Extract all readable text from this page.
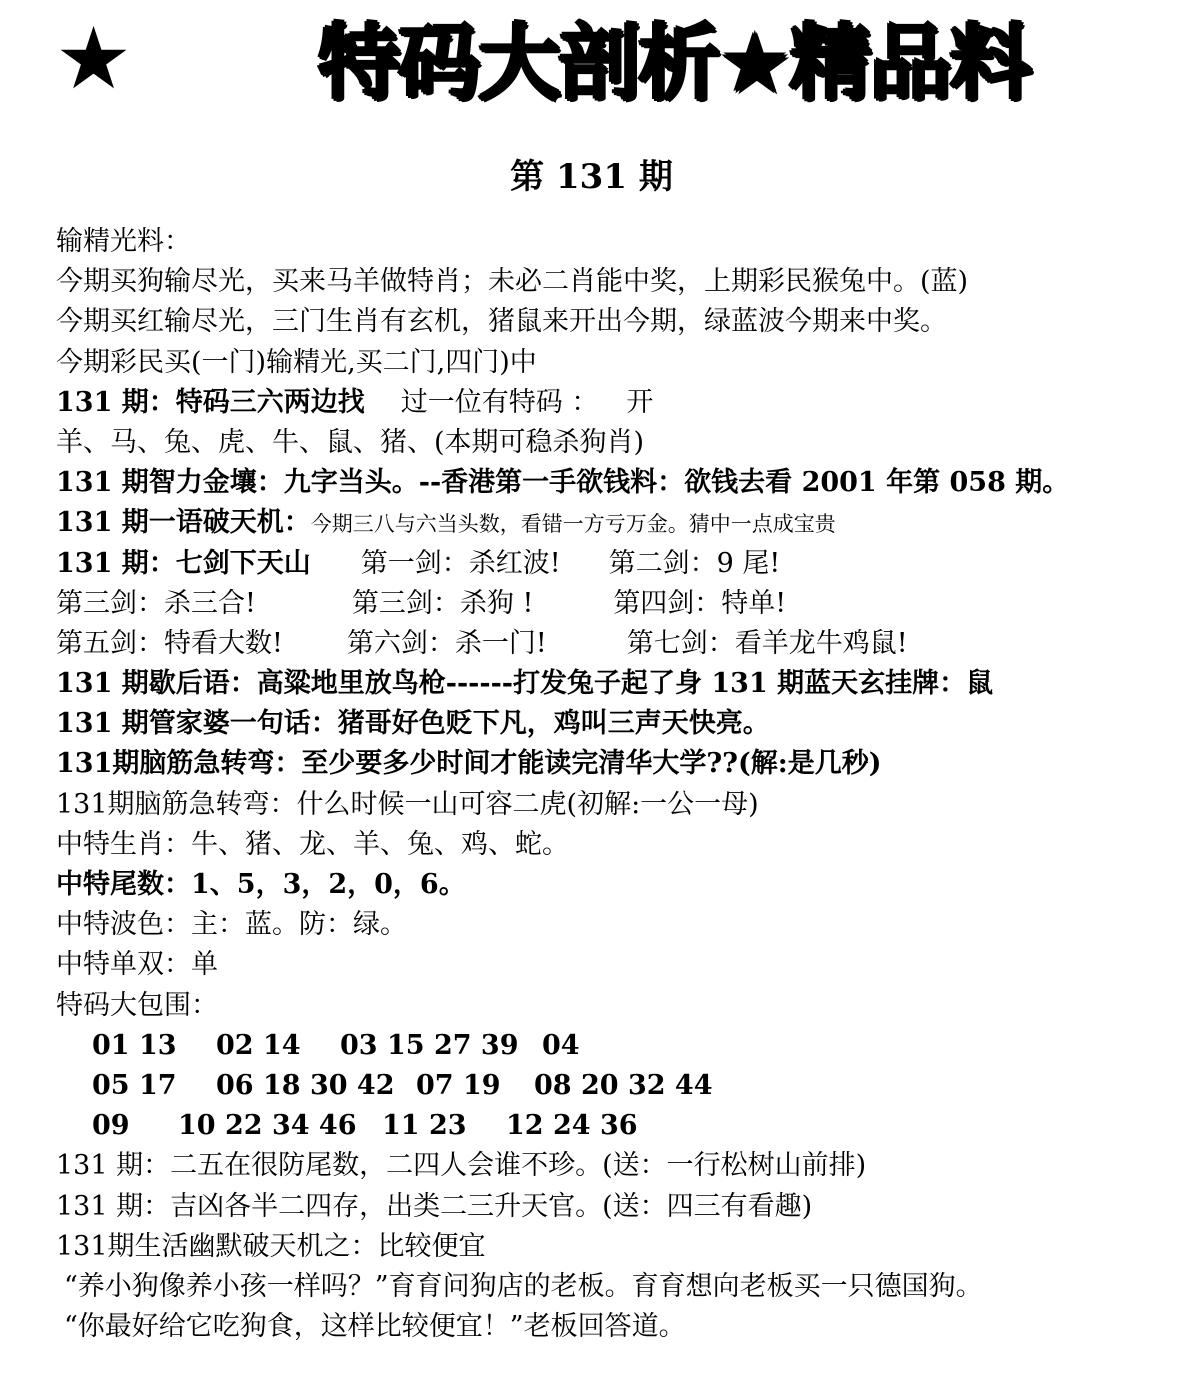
★ 特码大剖析★精品料
第 131 期
输精光料：
今期买狗输尽光，买来马羊做特肖；未必二肖能中奖，上期彩民猴兔中。(蓝)
今期买红输尽光，三门生肖有玄机，猪鼠来开出今期，绿蓝波今期来中奖。
今期彩民买(一门)输精光,买二门,四门)中
131 期：特码三六两边找 过一位有特码 ： 开
羊、马、兔、虎、牛、鼠、猪、(本期可稳杀狗肖)
131 期智力金壤：九字当头。--香港第一手欲钱料：欲钱去看 2001 年第 058 期。
131 期一语破天机：今期三八与六当头数，看错一方亏万金。猜中一点成宝贵
131 期：七剑下天山 第一剑：杀红波! 第二剑：9 尾!
第三剑：杀三合!	第三剑：杀狗 !	第四剑：特单!
第五剑：特看大数! 第六剑：杀一门!	第七剑：看羊龙牛鸡鼠!
131 期歇后语：高粱地里放鸟枪------打发兔子起了身 131 期蓝天玄挂牌：鼠
131 期管家婆一句话：猪哥好色贬下凡，鸡叫三声天快亮。
131期脑筋急转弯：至少要多少时间才能读完清华大学??(解:是几秒)
131期脑筋急转弯：什么时候一山可容二虎(初解:一公一母)
中特生肖：牛、猪、龙、羊、兔、鸡、蛇。
中特尾数：1、5，3，2，0，6。
中特波色：主：蓝。防：绿。
中特单双：单
特码大包围：
01 13 02 14 03 15 27 39 04
05 17 06 18 30 42 07 19 08 20 32 44
09 10 22 34 46 11 23 12 24 36
131 期：二五在很防尾数，二四人会谁不珍。(送：一行松树山前排)
131 期：吉凶各半二四存，出类二三升天官。(送：四三有看趣)
131期生活幽默破天机之：比较便宜
“养小狗像养小孩一样吗？”育育问狗店的老板。育育想向老板买一只德国狗。
“你最好给它吃狗食，这样比较便宜！”老板回答道。
